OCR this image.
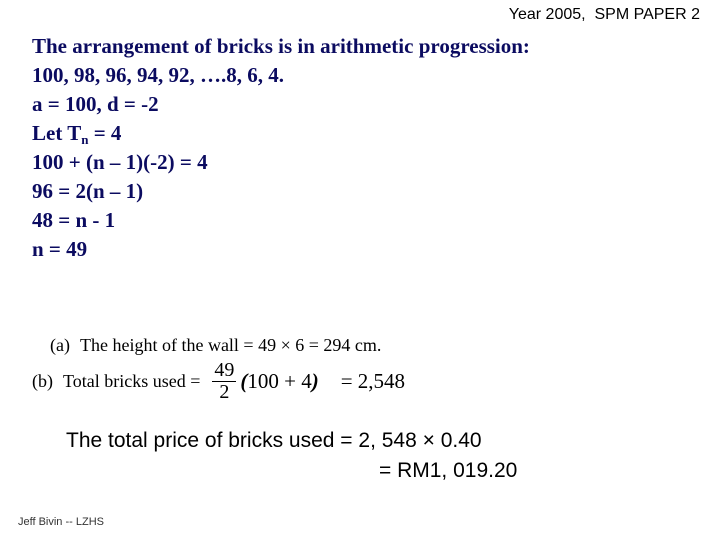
Year 2005,  SPM PAPER 2
The arrangement of bricks is in arithmetic progression:
100, 98, 96, 94, 92, ….8, 6, 4.
a = 100, d = -2
Let $T_n = 4$
100 + (n – 1)(-2) = 4
96 = 2(n – 1)
48 = n - 1
n = 49

(a) The height of the wall = 49 × 6 = 294 cm.

(b) Total bricks used = $\frac{49}{2} (100 + 4) = 2,548$
The total price of bricks used = 2, 548 × 0.40
= RM1, 019.20
Jeff Bivin -- LZHS
